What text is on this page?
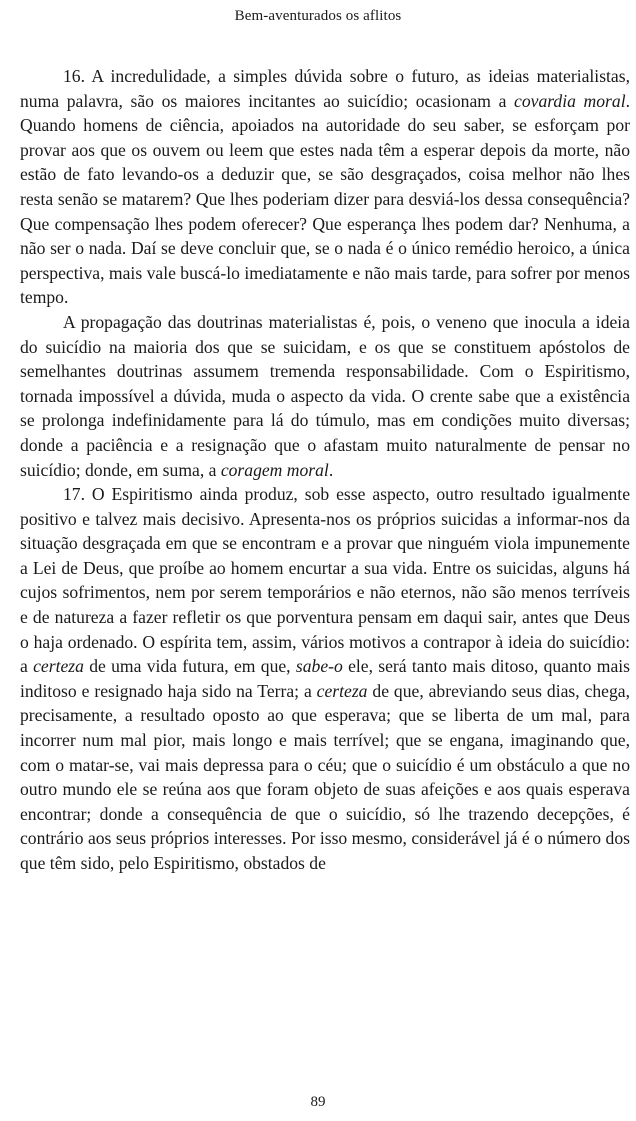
Bem-aventurados os aflitos

16. A incredulidade, a simples dúvida sobre o futuro, as ideias materialistas, numa palavra, são os maiores incitantes ao suicídio; ocasionam a covardia moral. Quando homens de ciência, apoiados na autoridade do seu saber, se esforçam por provar aos que os ouvem ou leem que estes nada têm a esperar depois da morte, não estão de fato levando-os a deduzir que, se são desgraçados, coisa melhor não lhes resta senão se matarem? Que lhes poderiam dizer para desviá-los dessa consequência? Que compensação lhes podem oferecer? Que esperança lhes podem dar? Nenhuma, a não ser o nada. Daí se deve concluir que, se o nada é o único remédio heroico, a única perspectiva, mais vale buscá-lo imediatamente e não mais tarde, para sofrer por menos tempo.

A propagação das doutrinas materialistas é, pois, o veneno que inocula a ideia do suicídio na maioria dos que se suicidam, e os que se constituem apóstolos de semelhantes doutrinas assumem tremenda responsabilidade. Com o Espiritismo, tornada impossível a dúvida, muda o aspecto da vida. O crente sabe que a existência se prolonga indefinidamente para lá do túmulo, mas em condições muito diversas; donde a paciência e a resignação que o afastam muito naturalmente de pensar no suicídio; donde, em suma, a coragem moral.

17. O Espiritismo ainda produz, sob esse aspecto, outro resultado igualmente positivo e talvez mais decisivo. Apresenta-nos os próprios suicidas a informar-nos da situação desgraçada em que se encontram e a provar que ninguém viola impunemente a Lei de Deus, que proíbe ao homem encurtar a sua vida. Entre os suicidas, alguns há cujos sofrimentos, nem por serem temporários e não eternos, não são menos terríveis e de natureza a fazer refletir os que porventura pensam em daqui sair, antes que Deus o haja ordenado. O espírita tem, assim, vários motivos a contrapor à ideia do suicídio: a certeza de uma vida futura, em que, sabe-o ele, será tanto mais ditoso, quanto mais inditoso e resignado haja sido na Terra; a certeza de que, abreviando seus dias, chega, precisamente, a resultado oposto ao que esperava; que se liberta de um mal, para incorrer num mal pior, mais longo e mais terrível; que se engana, imaginando que, com o matar-se, vai mais depressa para o céu; que o suicídio é um obstáculo a que no outro mundo ele se reúna aos que foram objeto de suas afeições e aos quais esperava encontrar; donde a consequência de que o suicídio, só lhe trazendo decepções, é contrário aos seus próprios interesses. Por isso mesmo, considerável já é o número dos que têm sido, pelo Espiritismo, obstados de

89
